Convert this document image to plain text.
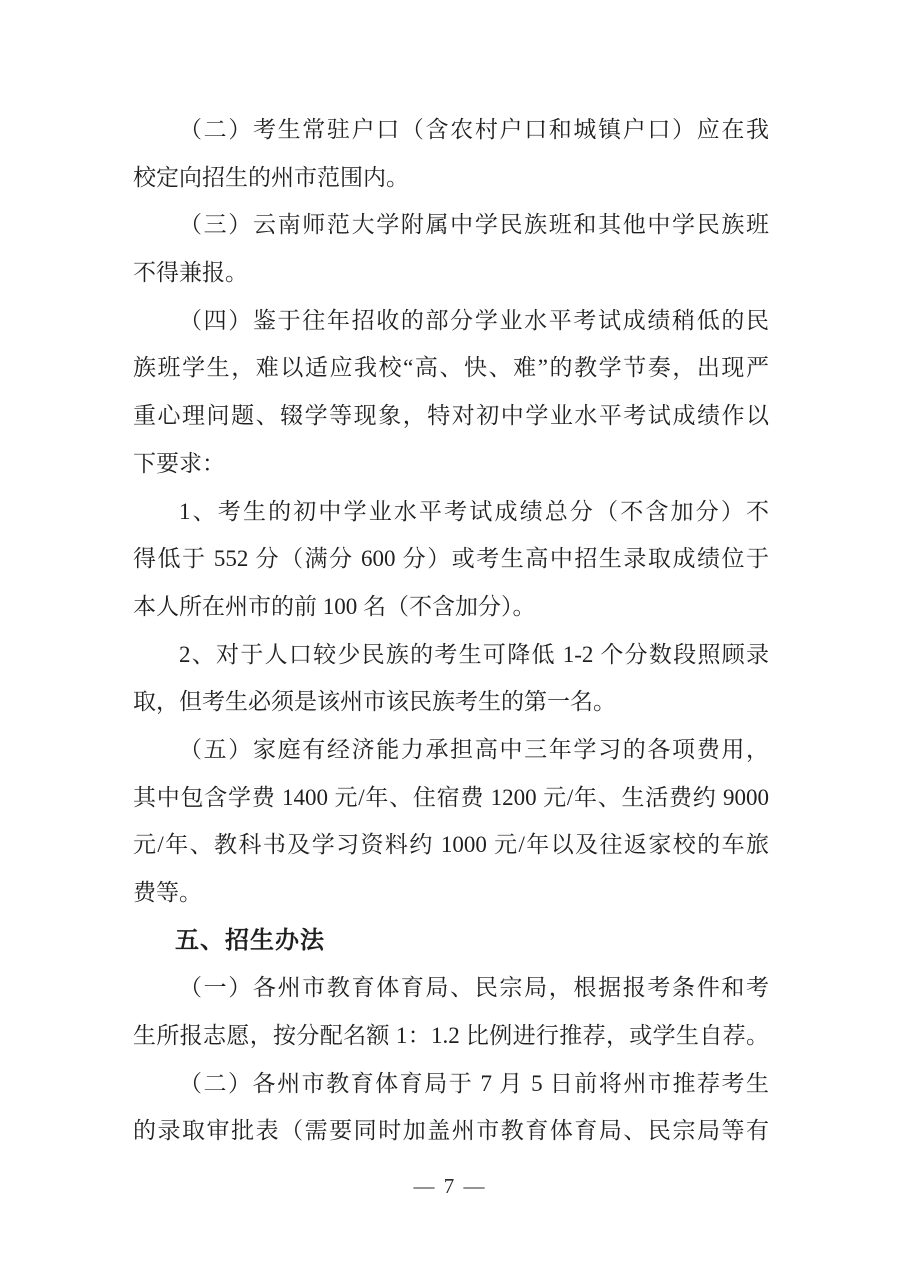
（二）考生常驻户口（含农村户口和城镇户口）应在我
校定向招生的州市范围内。
（三）云南师范大学附属中学民族班和其他中学民族班
不得兼报。
（四）鉴于往年招收的部分学业水平考试成绩稍低的民
族班学生，难以适应我校“高、快、难”的教学节奏，出现严
重心理问题、辍学等现象，特对初中学业水平考试成绩作以
下要求：
1、考生的初中学业水平考试成绩总分（不含加分）不
得低于 552 分（满分 600 分）或考生高中招生录取成绩位于
本人所在州市的前 100 名（不含加分）。
2、对于人口较少民族的考生可降低 1-2 个分数段照顾录
取，但考生必须是该州市该民族考生的第一名。
（五）家庭有经济能力承担高中三年学习的各项费用，
其中包含学费 1400 元/年、住宿费 1200 元/年、生活费约 9000
元/年、教科书及学习资料约 1000 元/年以及往返家校的车旅
费等。
五、招生办法
（一）各州市教育体育局、民宗局，根据报考条件和考
生所报志愿，按分配名额 1：1.2 比例进行推荐，或学生自荐。
（二）各州市教育体育局于 7 月 5 日前将州市推荐考生
的录取审批表（需要同时加盖州市教育体育局、民宗局等有
— 7 —
